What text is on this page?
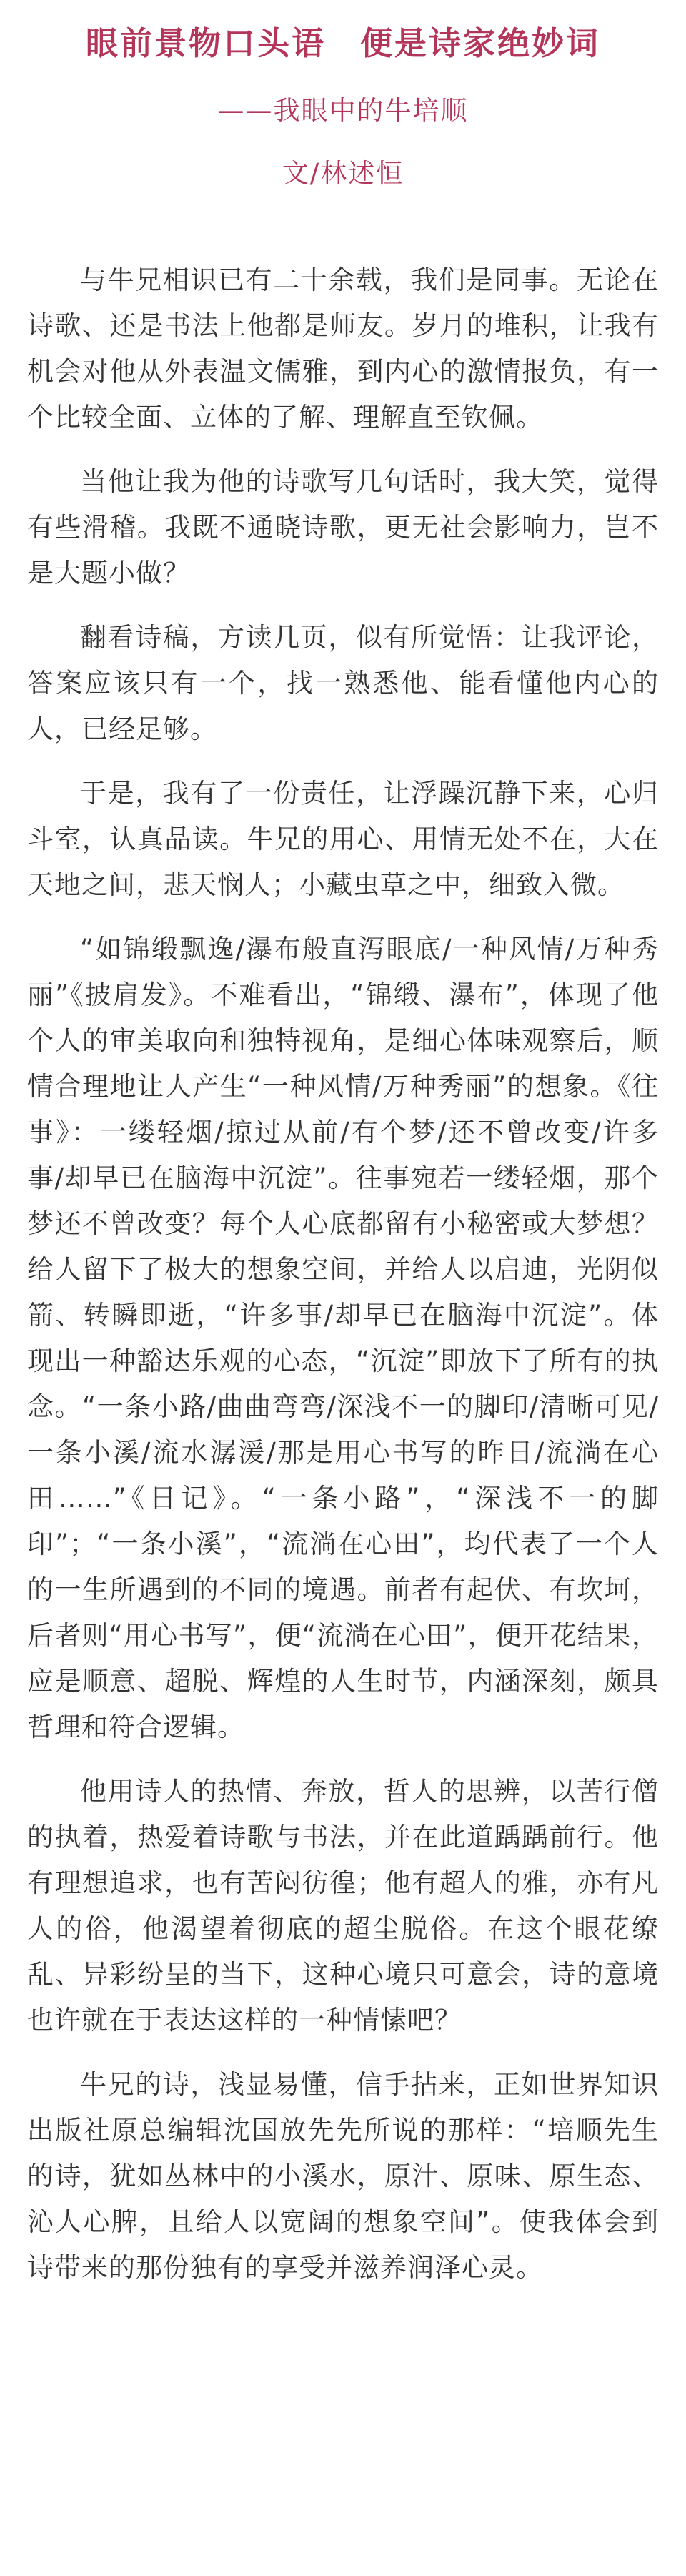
眼前景物口头语　便是诗家绝妙词
——我眼中的牛培顺
文/林述恒

与牛兄相识已有二十余载，我们是同事。无论在诗歌、还是书法上他都是师友。岁月的堆积，让我有机会对他从外表温文儒雅，到内心的激情报负，有一个比较全面、立体的了解、理解直至钦佩。

当他让我为他的诗歌写几句话时，我大笑，觉得有些滑稽。我既不通晓诗歌，更无社会影响力，岂不是大题小做？

翻看诗稿，方读几页，似有所觉悟：让我评论，答案应该只有一个，找一熟悉他、能看懂他内心的人，已经足够。

于是，我有了一份责任，让浮躁沉静下来，心归斗室，认真品读。牛兄的用心、用情无处不在，大在天地之间，悲天悯人；小藏虫草之中，细致入微。

“如锦缎飘逸/瀑布般直泻眼底/一种风情/万种秀丽”《披肩发》。不难看出，“锦缎、瀑布”，体现了他个人的审美取向和独特视角，是细心体味观察后，顺情合理地让人产生“一种风情/万种秀丽”的想象。《往事》：一缕轻烟/掠过从前/有个梦/还不曾改变/许多事/却早已在脑海中沉淀”。往事宛若一缕轻烟，那个梦还不曾改变？每个人心底都留有小秘密或大梦想？给人留下了极大的想象空间，并给人以启迪，光阴似箭、转瞬即逝，“许多事/却早已在脑海中沉淀”。体现出一种豁达乐观的心态，“沉淀”即放下了所有的执念。“一条小路/曲曲弯弯/深浅不一的脚印/清晰可见/一条小溪/流水潺湲/那是用心书写的昨日/流淌在心田……”《日记》。“一条小路”，“深浅不一的脚印”；“一条小溪”，“流淌在心田”，均代表了一个人的一生所遇到的不同的境遇。前者有起伏、有坎坷，后者则“用心书写”，便“流淌在心田”，便开花结果，应是顺意、超脱、辉煌的人生时节，内涵深刻，颇具哲理和符合逻辑。

他用诗人的热情、奔放，哲人的思辨，以苦行僧的执着，热爱着诗歌与书法，并在此道踽踽前行。他有理想追求，也有苦闷彷徨；他有超人的雅，亦有凡人的俗，他渴望着彻底的超尘脱俗。在这个眼花缭乱、异彩纷呈的当下，这种心境只可意会，诗的意境也许就在于表达这样的一种情愫吧？

牛兄的诗，浅显易懂，信手拈来，正如世界知识出版社原总编辑沈国放先先所说的那样：“培顺先生的诗，犹如丛林中的小溪水，原汁、原味、原生态、沁人心脾，且给人以宽阔的想象空间”。使我体会到诗带来的那份独有的享受并滋养润泽心灵。
